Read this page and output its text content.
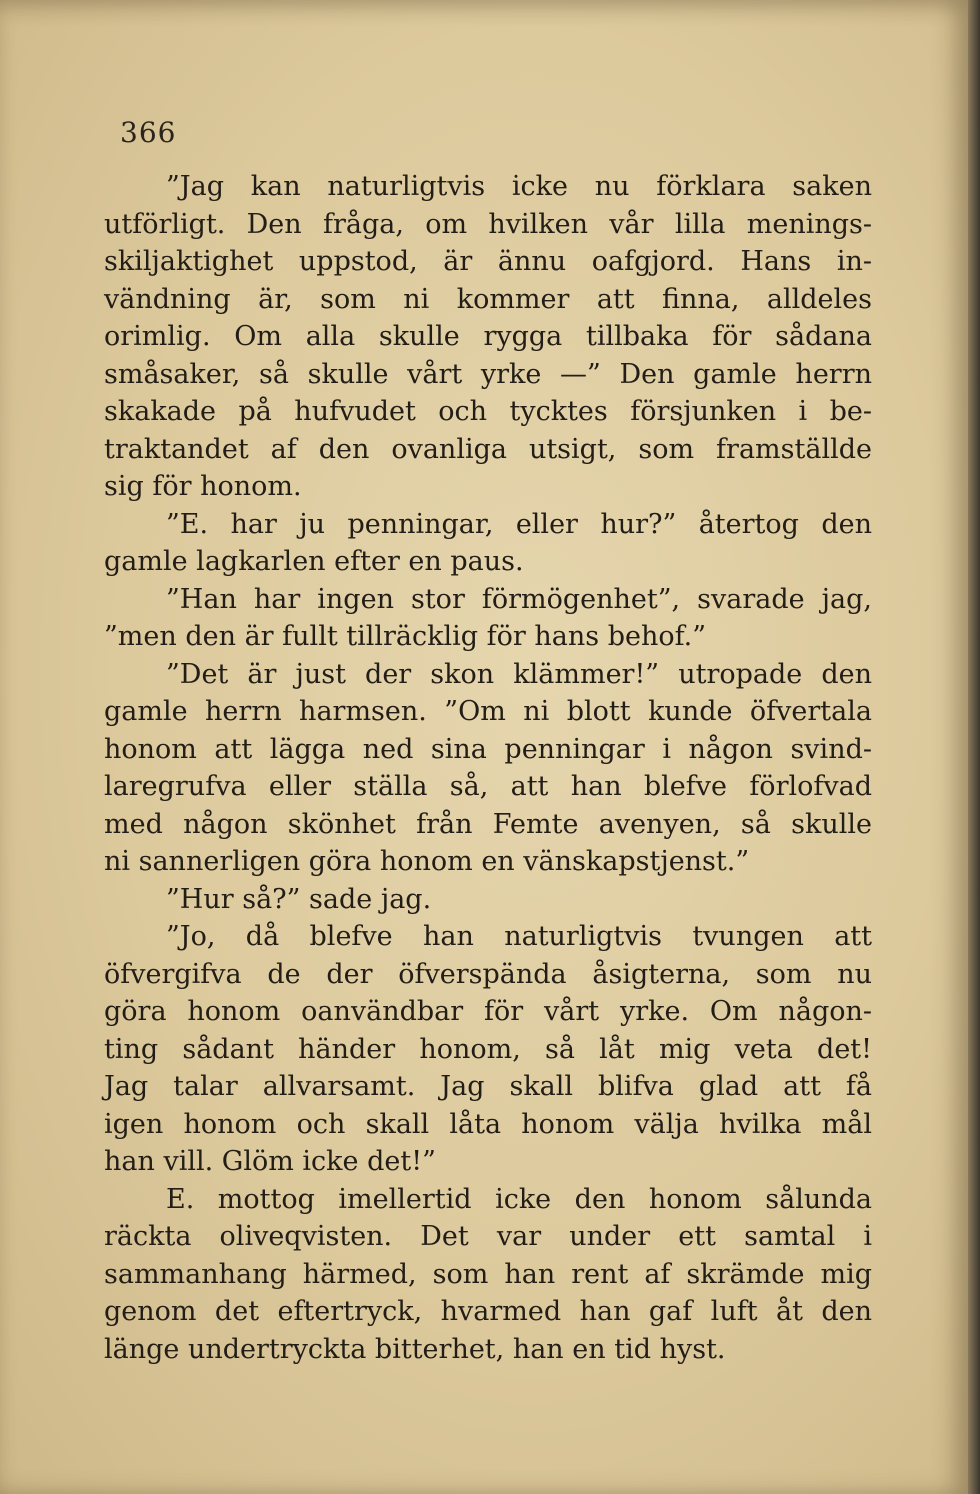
366
”Jag kan naturligtvis icke nu förklara saken
utförligt. Den fråga, om hvilken vår lilla menings-
skiljaktighet uppstod, är ännu oafgjord. Hans in-
vändning är, som ni kommer att finna, alldeles
orimlig. Om alla skulle rygga tillbaka för sådana
småsaker, så skulle vårt yrke —” Den gamle herrn
skakade på hufvudet och tycktes försjunken i be-
traktandet af den ovanliga utsigt, som framställde
sig för honom.
”E. har ju penningar, eller hur?” återtog den
gamle lagkarlen efter en paus.
”Han har ingen stor förmögenhet”, svarade jag,
”men den är fullt tillräcklig för hans behof.”
”Det är just der skon klämmer!” utropade den
gamle herrn harmsen. ”Om ni blott kunde öfvertala
honom att lägga ned sina penningar i någon svind-
laregrufva eller ställa så, att han blefve förlofvad
med någon skönhet från Femte avenyen, så skulle
ni sannerligen göra honom en vänskapstjenst.”
”Hur så?” sade jag.
”Jo, då blefve han naturligtvis tvungen att
öfvergifva de der öfverspända åsigterna, som nu
göra honom oanvändbar för vårt yrke. Om någon-
ting sådant händer honom, så låt mig veta det!
Jag talar allvarsamt. Jag skall blifva glad att få
igen honom och skall låta honom välja hvilka mål
han vill. Glöm icke det!”
E. mottog imellertid icke den honom sålunda
räckta oliveqvisten. Det var under ett samtal i
sammanhang härmed, som han rent af skrämde mig
genom det eftertryck, hvarmed han gaf luft åt den
länge undertryckta bitterhet, han en tid hyst.
